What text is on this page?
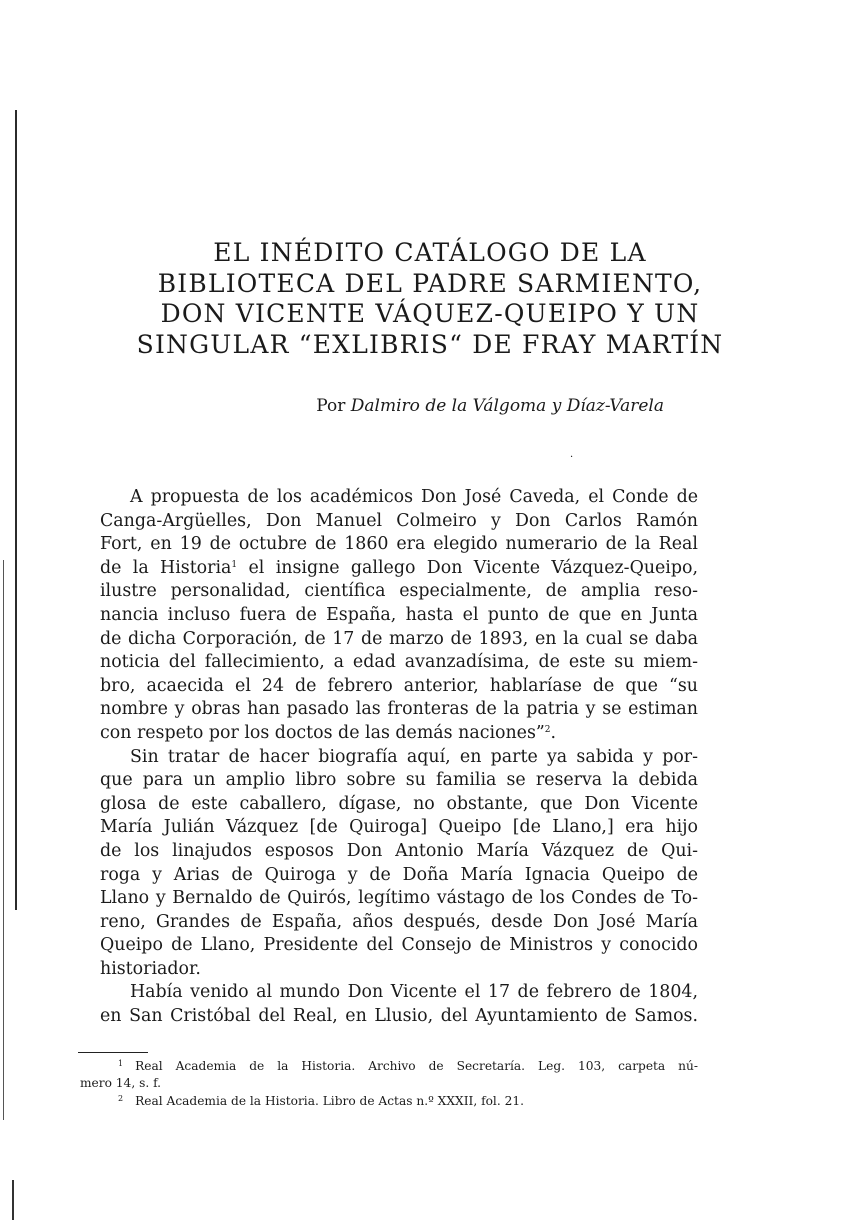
EL INÉDITO CATÁLOGO DE LA
BIBLIOTECA DEL PADRE SARMIENTO,
DON VICENTE VÁQUEZ-QUEIPO Y UN
SINGULAR “EXLIBRIS“ DE FRAY MARTÍN
Por Dalmiro de la Válgoma y Díaz-Varela
·
A propuesta de los académicos Don José Caveda, el Conde de
Canga-Argüelles, Don Manuel Colmeiro y Don Carlos Ramón
Fort, en 19 de octubre de 1860 era elegido numerario de la Real
de la Historia$^1$ el insigne gallego Don Vicente Vázquez-Queipo,
ilustre personalidad, científica especialmente, de amplia reso-
nancia incluso fuera de España, hasta el punto de que en Junta
de dicha Corporación, de 17 de marzo de 1893, en la cual se daba
noticia del fallecimiento, a edad avanzadísima, de este su miem-
bro, acaecida el 24 de febrero anterior, hablaríase de que “su
nombre y obras han pasado las fronteras de la patria y se estiman
con respeto por los doctos de las demás naciones”$^2$.
Sin tratar de hacer biografía aquí, en parte ya sabida y por-
que para un amplio libro sobre su familia se reserva la debida
glosa de este caballero, dígase, no obstante, que Don Vicente
María Julián Vázquez [de Quiroga] Queipo [de Llano,] era hijo
de los linajudos esposos Don Antonio María Vázquez de Qui-
roga y Arias de Quiroga y de Doña María Ignacia Queipo de
Llano y Bernaldo de Quirós, legítimo vástago de los Condes de To-
reno, Grandes de España, años después, desde Don José María
Queipo de Llano, Presidente del Consejo de Ministros y conocido
historiador.
Había venido al mundo Don Vicente el 17 de febrero de 1804,
en San Cristóbal del Real, en Llusio, del Ayuntamiento de Samos.
$^1$ Real Academia de la Historia. Archivo de Secretaría. Leg. 103, carpeta nú-
mero 14, s. f.
$^2$ Real Academia de la Historia. Libro de Actas n.º XXXII, fol. 21.
